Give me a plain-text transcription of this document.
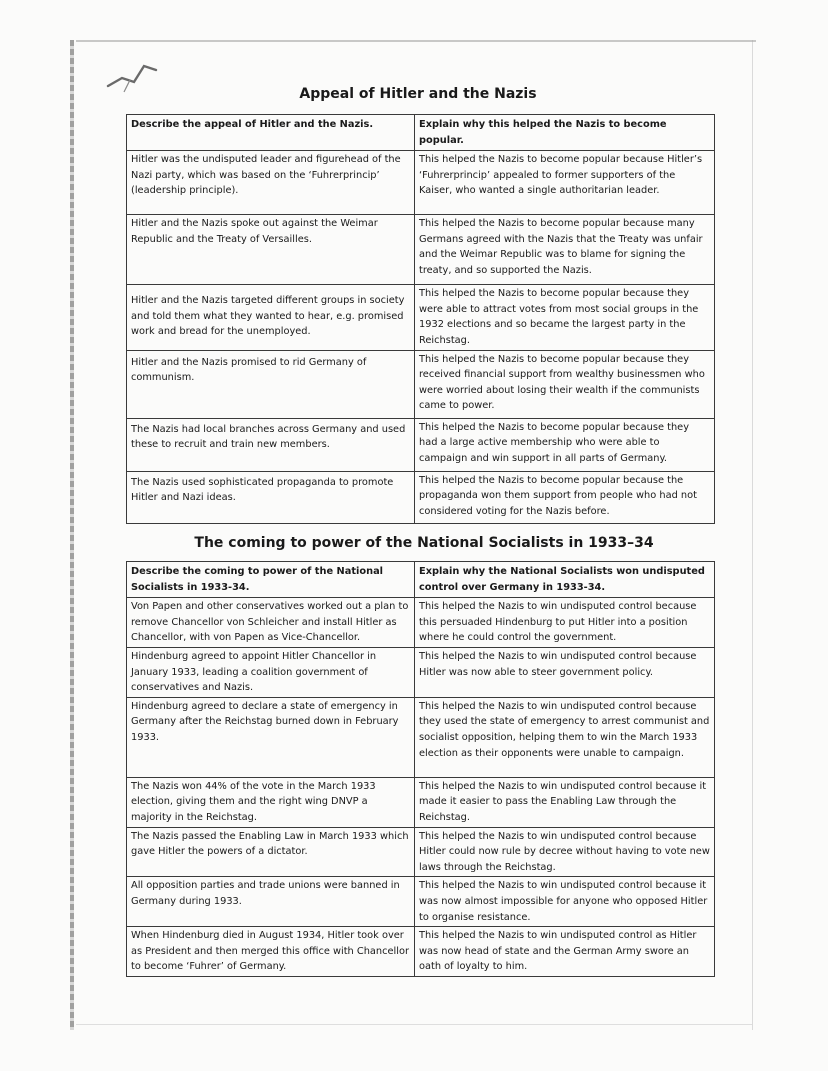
Appeal of Hitler and the Nazis
Describe the appeal of Hitler and the Nazis.	Explain why this helped the Nazis to become popular.
Hitler was the undisputed leader and figurehead of the Nazi party, which was based on the ‘Fuhrerprincip’ (leadership principle).	This helped the Nazis to become popular because Hitler’s ‘Fuhrerprincip’ appealed to former supporters of the Kaiser, who wanted a single authoritarian leader.
Hitler and the Nazis spoke out against the Weimar Republic and the Treaty of Versailles.	This helped the Nazis to become popular because many Germans agreed with the Nazis that the Treaty was unfair and the Weimar Republic was to blame for signing the treaty, and so supported the Nazis.
Hitler and the Nazis targeted different groups in society and told them what they wanted to hear, e.g. promised work and bread for the unemployed.	This helped the Nazis to become popular because they were able to attract votes from most social groups in the 1932 elections and so became the largest party in the Reichstag.
Hitler and the Nazis promised to rid Germany of communism.	This helped the Nazis to become popular because they received financial support from wealthy businessmen who were worried about losing their wealth if the communists came to power.
The Nazis had local branches across Germany and used these to recruit and train new members.	This helped the Nazis to become popular because they had a large active membership who were able to campaign and win support in all parts of Germany.
The Nazis used sophisticated propaganda to promote Hitler and Nazi ideas.	This helped the Nazis to become popular because the propaganda won them support from people who had not considered voting for the Nazis before.
The coming to power of the National Socialists in 1933–34
Describe the coming to power of the National Socialists in 1933-34.	Explain why the National Socialists won undisputed control over Germany in 1933-34.
Von Papen and other conservatives worked out a plan to remove Chancellor von Schleicher and install Hitler as Chancellor, with von Papen as Vice-Chancellor.	This helped the Nazis to win undisputed control because this persuaded Hindenburg to put Hitler into a position where he could control the government.
Hindenburg agreed to appoint Hitler Chancellor in January 1933, leading a coalition government of conservatives and Nazis.	This helped the Nazis to win undisputed control because Hitler was now able to steer government policy.
Hindenburg agreed to declare a state of emergency in Germany after the Reichstag burned down in February 1933.	This helped the Nazis to win undisputed control because they used the state of emergency to arrest communist and socialist opposition, helping them to win the March 1933 election as their opponents were unable to campaign.
The Nazis won 44% of the vote in the March 1933 election, giving them and the right wing DNVP a majority in the Reichstag.	This helped the Nazis to win undisputed control because it made it easier to pass the Enabling Law through the Reichstag.
The Nazis passed the Enabling Law in March 1933 which gave Hitler the powers of a dictator.	This helped the Nazis to win undisputed control because Hitler could now rule by decree without having to vote new laws through the Reichstag.
All opposition parties and trade unions were banned in Germany during 1933.	This helped the Nazis to win undisputed control because it was now almost impossible for anyone who opposed Hitler to organise resistance.
When Hindenburg died in August 1934, Hitler took over as President and then merged this office with Chancellor to become ‘Fuhrer’ of Germany.	This helped the Nazis to win undisputed control as Hitler was now head of state and the German Army swore an oath of loyalty to him.
